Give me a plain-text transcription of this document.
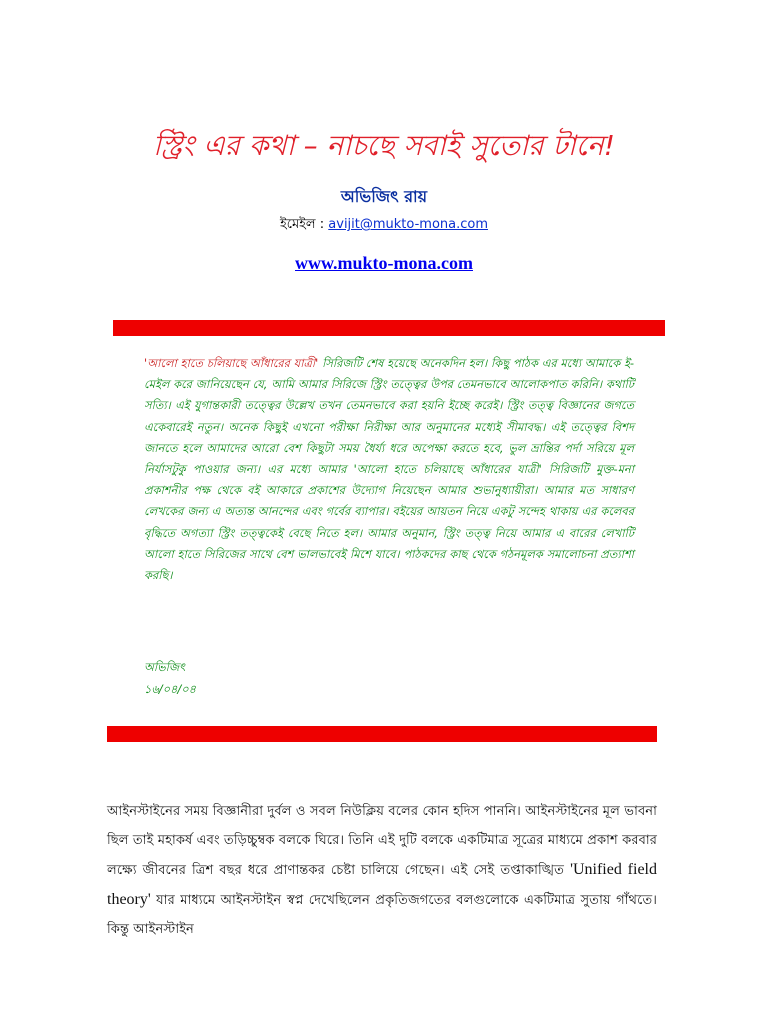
স্ট্রিং এর কথা – নাচছে সবাই সুতোর টানে!
অভিজিৎ রায়
ইমেইল : avijit@mukto-mona.com
www.mukto-mona.com

'আলো হাতে চলিয়াছে আঁধারের যাত্রী' সিরিজটি শেষ হয়েছে অনেকদিন হল। কিছু পাঠক এর মধ্যে আমাকে ই-মেইল করে জানিয়েছেন যে, আমি আমার সিরিজে স্ট্রিং তত্ত্বের উপর তেমনভাবে আলোকপাত করিনি। কথাটি সত্যি। এই যুগান্তকারী তত্ত্বের উল্লেখ তখন তেমনভাবে করা হয়নি ইচ্ছে করেই। স্ট্রিং তত্ত্ব বিজ্ঞানের জগতে একেবারেই নতুন। অনেক কিছুই এখনো পরীক্ষা নিরীক্ষা আর অনুমানের মধ্যেই সীমাবদ্ধ। এই তত্ত্বের বিশদ জানতে হলে আমাদের আরো বেশ কিছুটা সময় ধৈর্য্য ধরে অপেক্ষা করতে হবে, ভুল ভ্রান্তির পর্দা সরিয়ে মূল নির্যাসটুকু পাওয়ার জন্য। এর মধ্যে আমার 'আলো হাতে চলিয়াছে আঁধারের যাত্রী' সিরিজটি মুক্ত-মনা প্রকাশনীর পক্ষ থেকে বই আকারে প্রকাশের উদ্যোগ নিয়েছেন আমার শুভানুধ্যায়ীরা। আমার মত সাধারণ লেখকের জন্য এ অত্যন্ত আনন্দের এবং গর্বের ব্যাপার। বইয়ের আয়তন নিয়ে একটু সন্দেহ থাকায় এর কলেবর বৃদ্ধিতে অগত্যা স্ট্রিং তত্ত্বকেই বেছে নিতে হল। আমার অনুমান, স্ট্রিং তত্ত্ব নিয়ে আমার এ বারের লেখাটি আলো হাতে সিরিজের সাথে বেশ ভালভাবেই মিশে যাবে। পাঠকদের কাছ থেকে গঠনমূলক সমালোচনা প্রত্যাশা করছি।

অভিজিৎ
১৬/০৪/০৪

আইনস্টাইনের সময় বিজ্ঞানীরা দুর্বল ও সবল নিউক্লিয় বলের কোন হদিস পাননি। আইনস্টাইনের মূল ভাবনা ছিল তাই মহাকর্ষ এবং তড়িচ্চুম্বক বলকে ঘিরে। তিনি এই দুটি বলকে একটিমাত্র সূত্রের মাধ্যমে প্রকাশ করবার লক্ষ্যে জীবনের ত্রিশ বছর ধরে প্রাণান্তকর চেষ্টা চালিয়ে গেছেন। এই সেই তপ্তাকাঙ্খিত 'Unified field theory' যার মাধ্যমে আইনস্টাইন স্বপ্ন দেখেছিলেন প্রকৃতিজগতের বলগুলোকে একটিমাত্র সুতায় গাঁথতে। কিন্তু আইনস্টাইন
